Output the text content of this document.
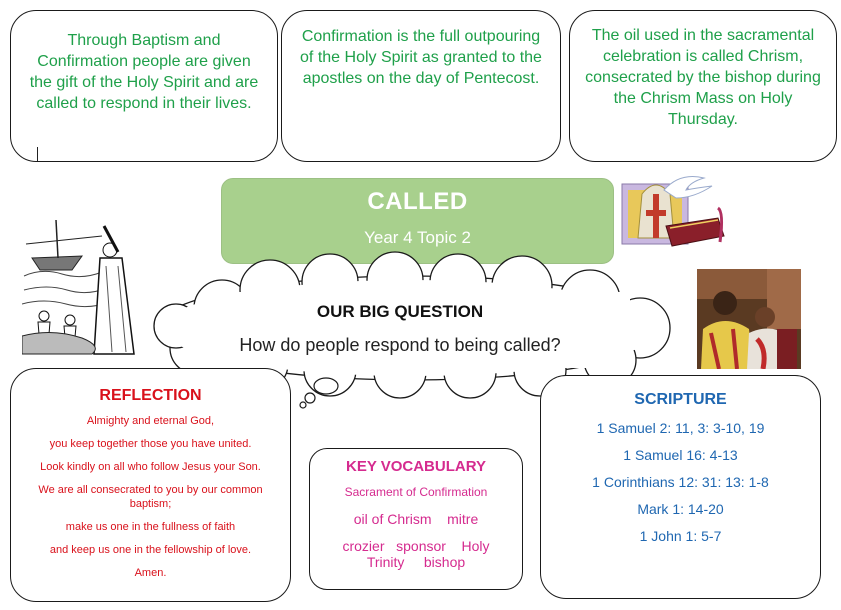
Through Baptism and Confirmation people are given the gift of the Holy Spirit and are called to respond in their lives.
Confirmation is the full outpouring of the Holy Spirit as granted to the apostles on the day of Pentecost.
The oil used in the sacramental celebration is called Chrism, consecrated by the bishop during the Chrism Mass on Holy Thursday.
CALLED
Year 4 Topic 2
OUR BIG QUESTION
How do people respond to being called?
REFLECTION
Almighty and eternal God,
you keep together those you have united.
Look kindly on all who follow Jesus your Son.
We are all consecrated to you by our common baptism;
make us one in the fullness of faith
and keep us one in the fellowship of love.
Amen.
KEY VOCABULARY
Sacrament of Confirmation
oil of Chrism    mitre
crozier   sponsor    Holy Trinity     bishop
SCRIPTURE
1 Samuel 2: 11, 3: 3-10, 19
1 Samuel 16: 4-13
1 Corinthians 12: 31: 13: 1-8
Mark 1: 14-20
1 John 1: 5-7
